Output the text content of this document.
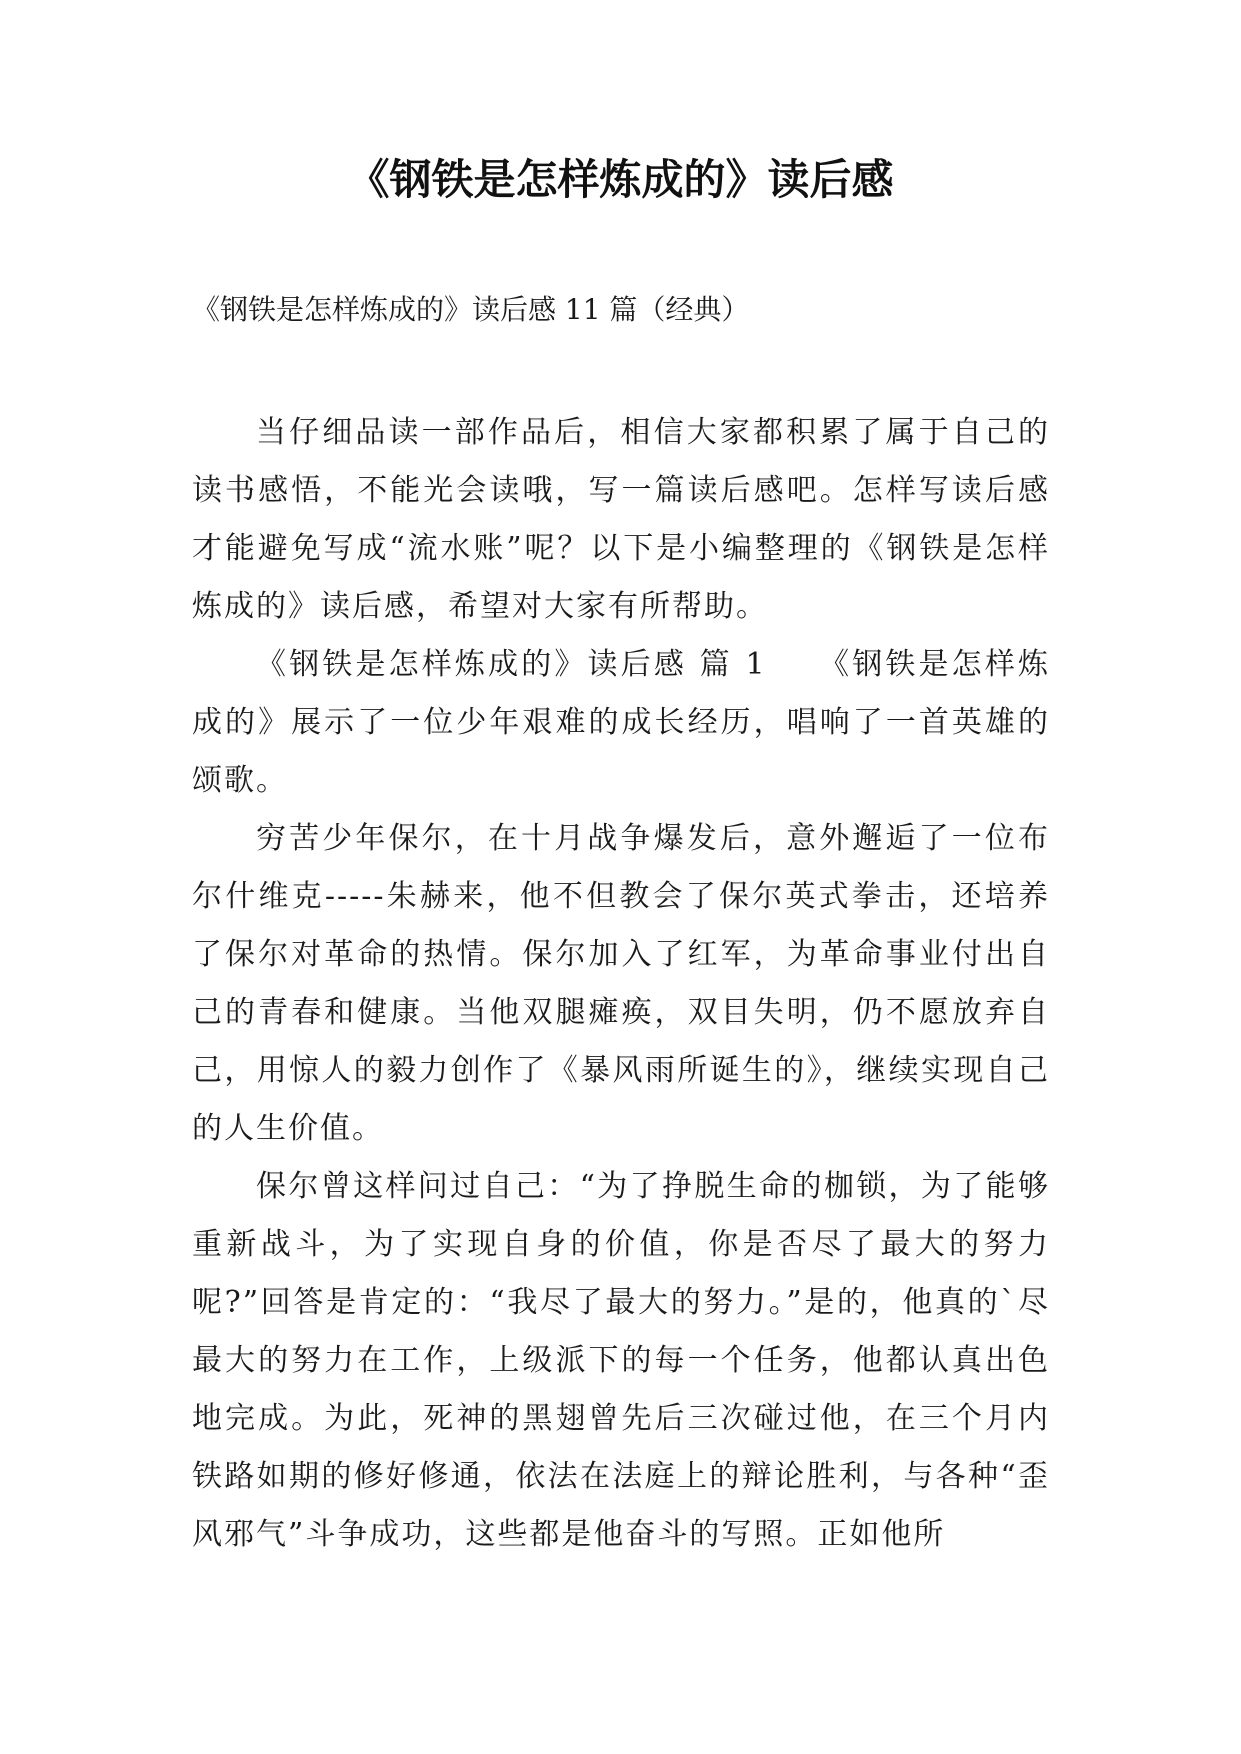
《钢铁是怎样炼成的》读后感

《钢铁是怎样炼成的》读后感 11 篇（经典）

当仔细品读一部作品后，相信大家都积累了属于自己的读书感悟，不能光会读哦，写一篇读后感吧。怎样写读后感才能避免写成“流水账”呢？以下是小编整理的《钢铁是怎样炼成的》读后感，希望对大家有所帮助。

《钢铁是怎样炼成的》读后感 篇 1　　《钢铁是怎样炼成的》展示了一位少年艰难的成长经历，唱响了一首英雄的颂歌。

穷苦少年保尔，在十月战争爆发后，意外邂逅了一位布尔什维克-----朱赫来，他不但教会了保尔英式拳击，还培养了保尔对革命的热情。保尔加入了红军，为革命事业付出自己的青春和健康。当他双腿瘫痪，双目失明，仍不愿放弃自己，用惊人的毅力创作了《暴风雨所诞生的》，继续实现自己的人生价值。

保尔曾这样问过自己：“为了挣脱生命的枷锁，为了能够重新战斗，为了实现自身的价值，你是否尽了最大的努力呢?”回答是肯定的：“我尽了最大的努力。”是的，他真的`尽最大的努力在工作，上级派下的每一个任务，他都认真出色地完成。为此，死神的黑翅曾先后三次碰过他，在三个月内铁路如期的修好修通，依法在法庭上的辩论胜利，与各种“歪风邪气”斗争成功，这些都是他奋斗的写照。正如他所
